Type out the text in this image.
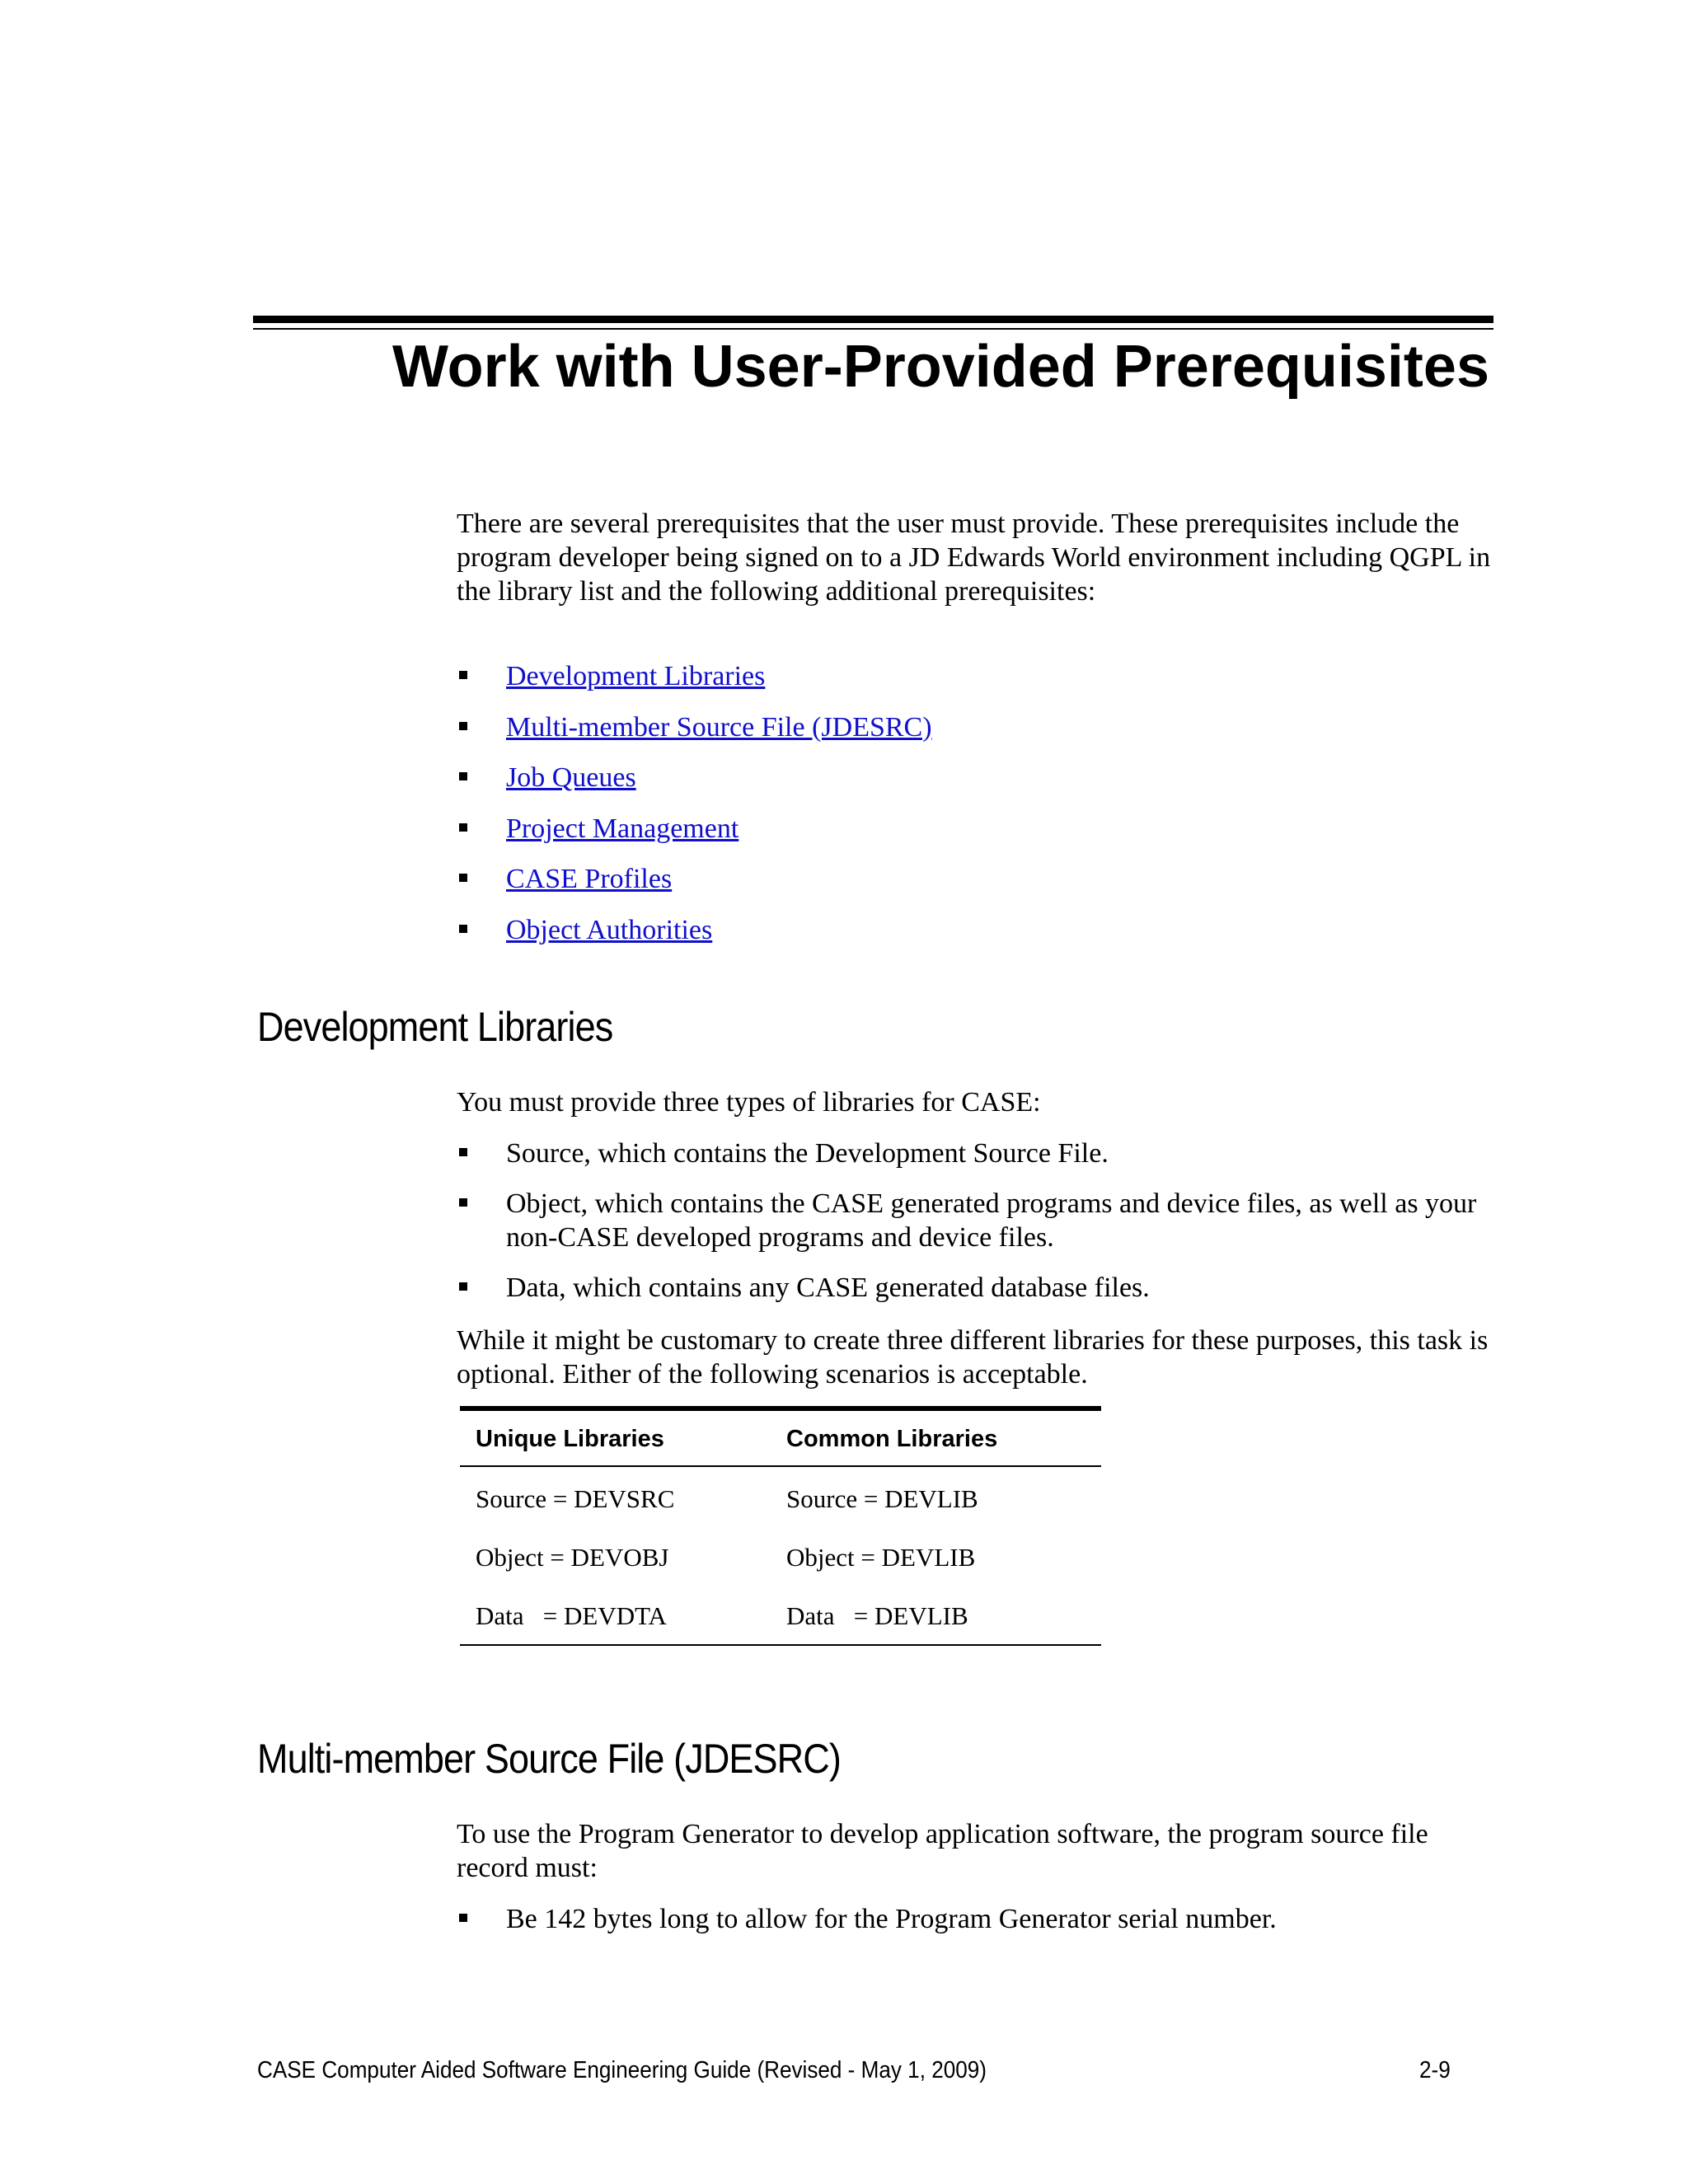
Work with User-Provided Prerequisites

There are several prerequisites that the user must provide. These prerequisites include the program developer being signed on to a JD Edwards World environment including QGPL in the library list and the following additional prerequisites:

Development Libraries
Multi-member Source File (JDESRC)
Job Queues
Project Management
CASE Profiles
Object Authorities
Development Libraries

You must provide three types of libraries for CASE:

Source, which contains the Development Source File.
Object, which contains the CASE generated programs and device files, as well as your non-CASE developed programs and device files.
Data, which contains any CASE generated database files.

While it might be customary to create three different libraries for these purposes, this task is optional. Either of the following scenarios is acceptable.

Unique Libraries	Common Libraries
Source = DEVSRC	Source = DEVLIB
Object = DEVOBJ	Object = DEVLIB
Data   = DEVDTA	Data   = DEVLIB
Multi-member Source File (JDESRC)

To use the Program Generator to develop application software, the program source file record must:

Be 142 bytes long to allow for the Program Generator serial number.
CASE Computer Aided Software Engineering Guide (Revised - May 1, 2009)	2-9
